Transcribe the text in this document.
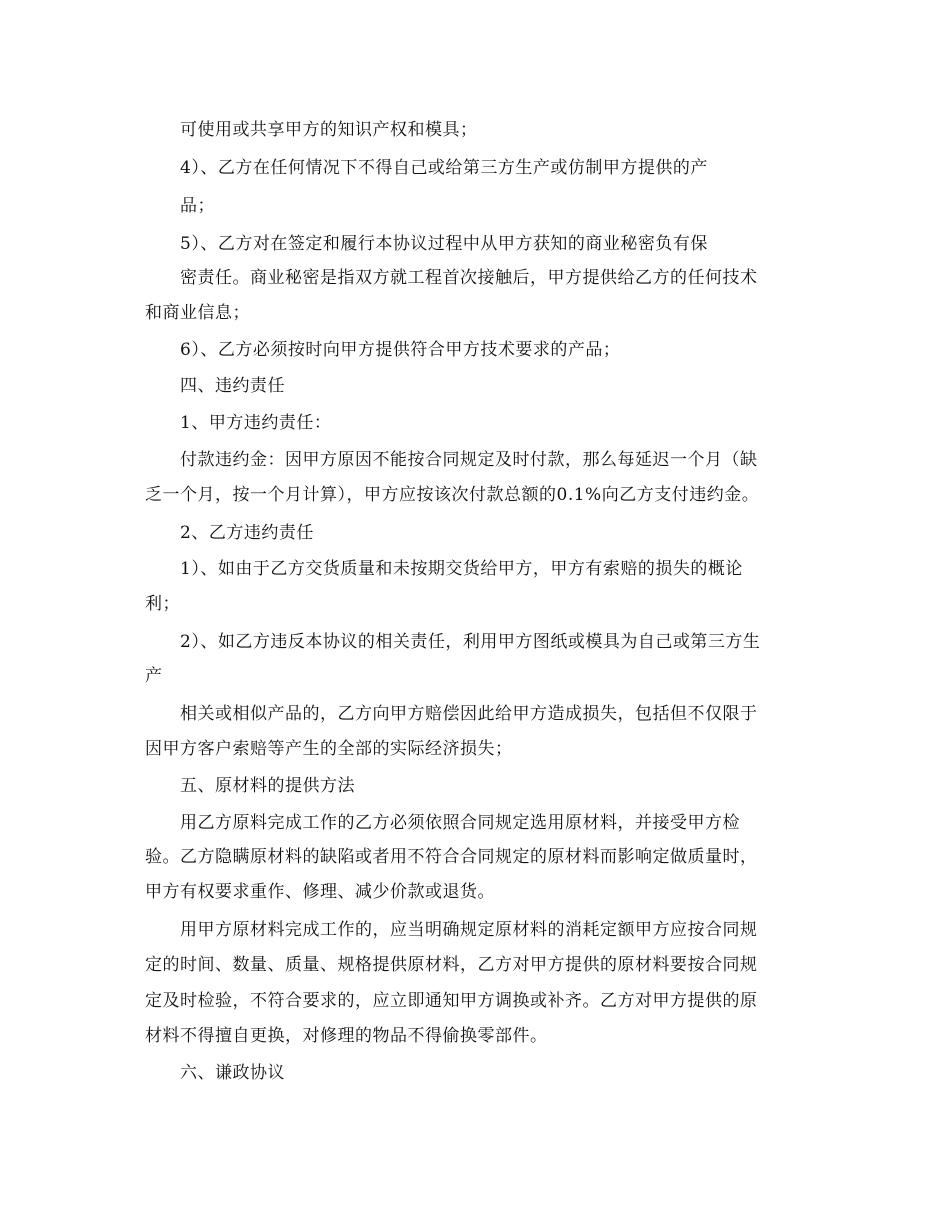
可使用或共享甲方的知识产权和模具；
4）、乙方在任何情况下不得自己或给第三方生产或仿制甲方提供的产
品；
5）、乙方对在签定和履行本协议过程中从甲方获知的商业秘密负有保
密责任。商业秘密是指双方就工程首次接触后，甲方提供给乙方的任何技术
和商业信息；
6）、乙方必须按时向甲方提供符合甲方技术要求的产品；
四、违约责任
1、甲方违约责任：
付款违约金：因甲方原因不能按合同规定及时付款，那么每延迟一个月（缺
乏一个月，按一个月计算），甲方应按该次付款总额的0.1%向乙方支付违约金。
2、乙方违约责任
1）、如由于乙方交货质量和未按期交货给甲方，甲方有索赔的损失的概论
利；
2）、如乙方违反本协议的相关责任，利用甲方图纸或模具为自己或第三方生
产
相关或相似产品的，乙方向甲方赔偿因此给甲方造成损失，包括但不仅限于
因甲方客户索赔等产生的全部的实际经济损失；
五、原材料的提供方法
用乙方原料完成工作的乙方必须依照合同规定选用原材料，并接受甲方检
验。乙方隐瞒原材料的缺陷或者用不符合合同规定的原材料而影响定做质量时，
甲方有权要求重作、修理、减少价款或退货。
用甲方原材料完成工作的，应当明确规定原材料的消耗定额甲方应按合同规
定的时间、数量、质量、规格提供原材料，乙方对甲方提供的原材料要按合同规
定及时检验，不符合要求的，应立即通知甲方调换或补齐。乙方对甲方提供的原
材料不得擅自更换，对修理的物品不得偷换零部件。
六、谦政协议
